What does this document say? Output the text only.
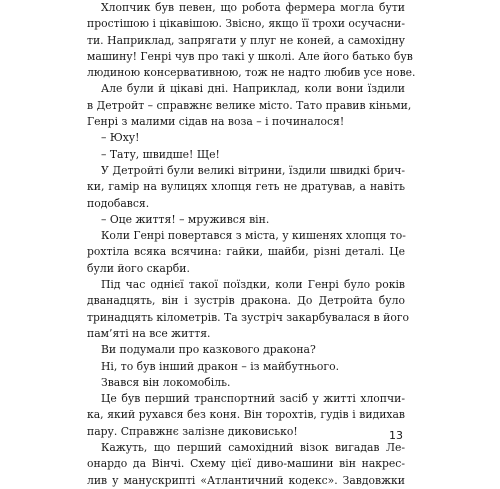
Хлопчик був певен, що робота фермера могла бути
простішою і цікавішою. Звісно, якщо її трохи осучасни-
ти. Наприклад, запрягати у плуг не коней, а самохідну
машину! Генрі чув про такі у школі. Але його батько був
людиною консервативною, тож не надто любив усе нове.
Але були й цікаві дні. Наприклад, коли вони їздили
в Детройт – справжнє велике місто. Тато правив кіньми,
Генрі з малими сідав на воза – і починалося!
– Юху!
– Тату, швидше! Ще!
У Детройті були великі вітрини, їздили швидкі брич-
ки, гамір на вулицях хлопця геть не дратував, а навіть
подобався.
– Оце життя! – мружився він.
Коли Генрі повертався з міста, у кишенях хлопця то-
рохтіла всяка всячина: гайки, шайби, різні деталі. Це
були його скарби.
Під час однієї такої поїздки, коли Генрі було років
дванадцять, він і зустрів дракона. До Детройта було
тринадцять кілометрів. Та зустріч закарбувалася в його
пам’яті на все життя.
Ви подумали про казкового дракона?
Ні, то був інший дракон – із майбутнього.
Звався він локомобіль.
Це був перший транспортний засіб у житті хлопчи-
ка, який рухався без коня. Він торохтів, гудів і видихав
пару. Справжнє залізне диковисько!
Кажуть, що перший самохідний візок вигадав Ле-
онардо да Вінчі. Схему цієї диво-машини він накрес-
лив у манускрипті «Атлантичний кодекс». Завдовжки
13
